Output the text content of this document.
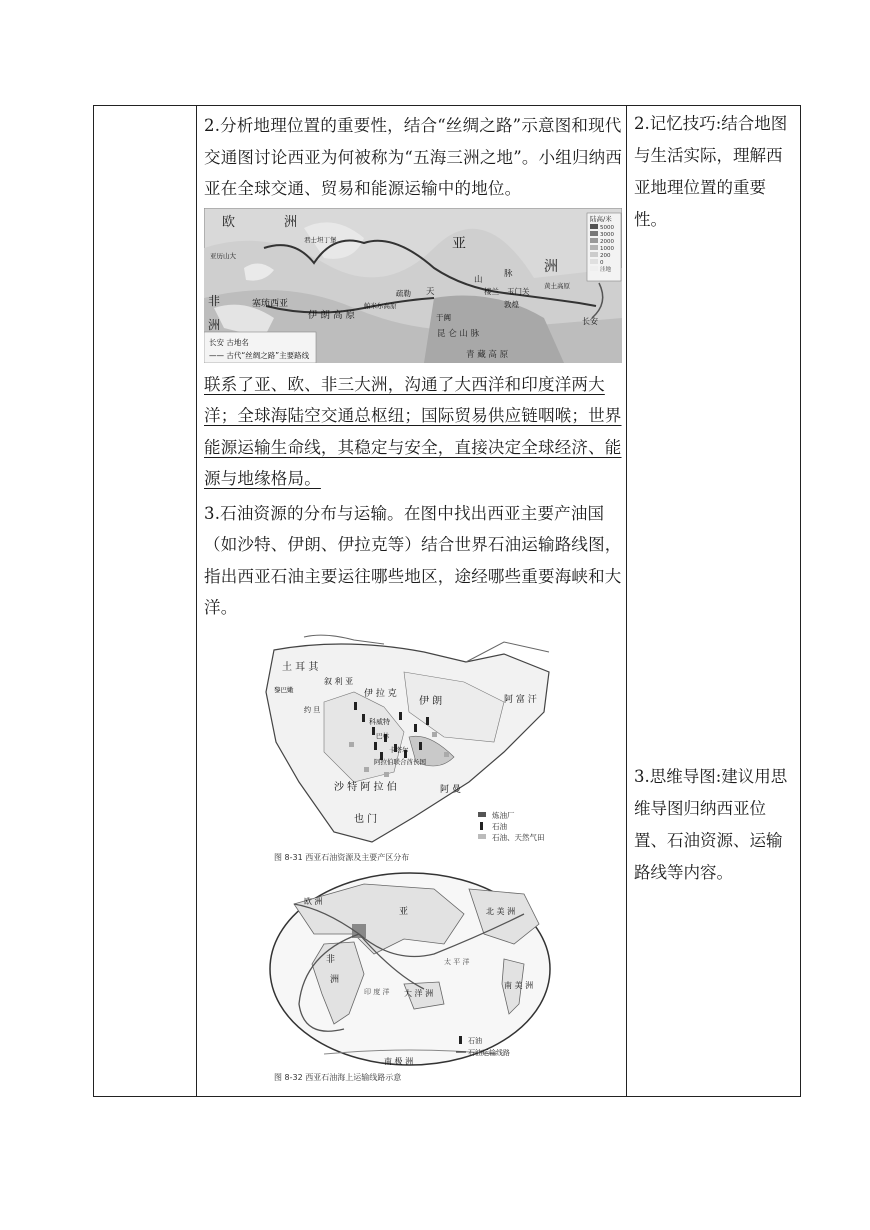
2.分析地理位置的重要性，结合“丝绸之路”示意图和现代交通图讨论西亚为何被称为“五海三洲之地”。小组归纳西亚在全球交通、贸易和能源运输中的地位。

陆高/米
5000
3000
2000
1000
200
0
洼地
欧	洲
亚
洲
非
洲
塞琉西亚
伊 朗 高 原
天
山
脉
昆 仑 山 脉
青 藏 高 原
长安
敦煌
楼兰 玉门关
于阗
疏勒
帕米尔高原
君士坦丁堡
亚历山大
黄土高原
长安 古地名
—— 古代“丝绸之路”主要路线

联系了亚、欧、非三大洲，沟通了大西洋和印度洋两大洋；全球海陆空交通总枢纽；国际贸易供应链咽喉；世界能源运输生命线，其稳定与安全，直接决定全球经济、能源与地缘格局。

3.石油资源的分布与运输。在图中找出西亚主要产油国（如沙特、伊朗、伊拉克等）结合世界石油运输路线图，指出西亚石油主要运往哪些地区，途经哪些重要海峡和大洋。

土 耳 其
伊 朗
伊 拉 克
阿 富 汗
沙 特 阿 拉 伯
也 门
阿 曼
叙 利 亚
科威特
约 旦
黎巴嫩
阿拉伯联合酋长国
卡塔尔
巴林
炼油厂
石油
石油、天然气田
图 8-31 西亚石油资源及主要产区分布
欧 洲
亚
非
洲
北 美 洲
南 美 洲
大 洋 洲
南 极 洲
太 平 洋
印 度 洋
石油
石油运输线路
图 8-32 西亚石油海上运输线路示意

2.记忆技巧:结合地图与生活实际，理解西亚地理位置的重要性。

3.思维导图:建议用思维导图归纳西亚位置、石油资源、运输路线等内容。
